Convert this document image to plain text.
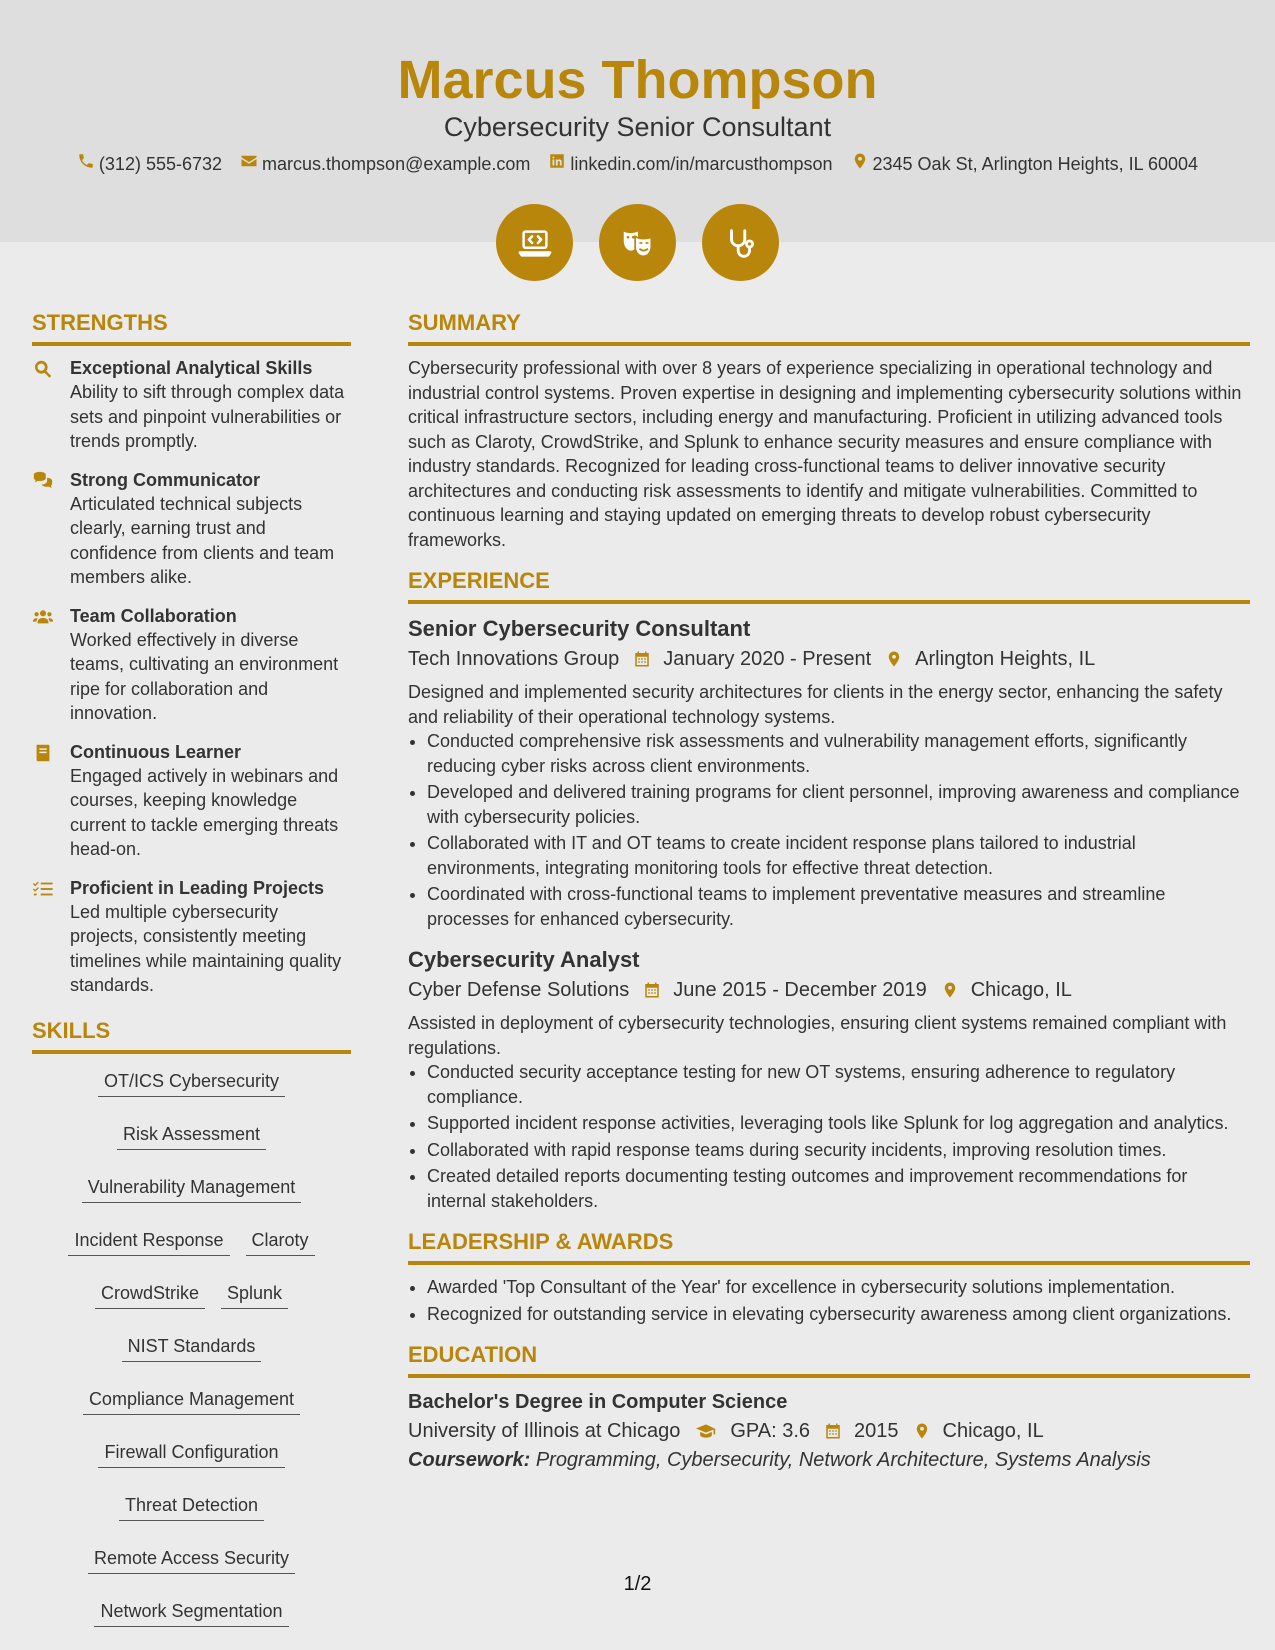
Marcus Thompson
Cybersecurity Senior Consultant
(312) 555-6732 marcus.thompson@example.com linkedin.com/in/marcusthompson 2345 Oak St, Arlington Heights, IL 60004
STRENGTHS
Exceptional Analytical Skills

Ability to sift through complex data sets and pinpoint vulnerabilities or trends promptly.

Strong Communicator

Articulated technical subjects clearly, earning trust and confidence from clients and team members alike.

Team Collaboration

Worked effectively in diverse teams, cultivating an environment ripe for collaboration and innovation.

Continuous Learner

Engaged actively in webinars and courses, keeping knowledge current to tackle emerging threats head-on.

Proficient in Leading Projects

Led multiple cybersecurity projects, consistently meeting timelines while maintaining quality standards.

SKILLS
OT/ICS Cybersecurity
Risk Assessment
Vulnerability Management
Incident Response	Claroty
CrowdStrike	Splunk
NIST Standards
Compliance Management
Firewall Configuration
Threat Detection
Remote Access Security
Network Segmentation
SUMMARY

Cybersecurity professional with over 8 years of experience specializing in operational technology and industrial control systems. Proven expertise in designing and implementing cybersecurity solutions within critical infrastructure sectors, including energy and manufacturing. Proficient in utilizing advanced tools such as Claroty, CrowdStrike, and Splunk to enhance security measures and ensure compliance with industry standards. Recognized for leading cross-functional teams to deliver innovative security architectures and conducting risk assessments to identify and mitigate vulnerabilities. Committed to continuous learning and staying updated on emerging threats to develop robust cybersecurity frameworks.

EXPERIENCE
Senior Cybersecurity Consultant
Tech Innovations Group January 2020 - Present Arlington Heights, IL

Designed and implemented security architectures for clients in the energy sector, enhancing the safety and reliability of their operational technology systems.

• Conducted comprehensive risk assessments and vulnerability management efforts, significantly reducing cyber risks across client environments.
• Developed and delivered training programs for client personnel, improving awareness and compliance with cybersecurity policies.
• Collaborated with IT and OT teams to create incident response plans tailored to industrial environments, integrating monitoring tools for effective threat detection.
• Coordinated with cross-functional teams to implement preventative measures and streamline processes for enhanced cybersecurity.
Cybersecurity Analyst
Cyber Defense Solutions June 2015 - December 2019 Chicago, IL

Assisted in deployment of cybersecurity technologies, ensuring client systems remained compliant with regulations.

• Conducted security acceptance testing for new OT systems, ensuring adherence to regulatory compliance.
• Supported incident response activities, leveraging tools like Splunk for log aggregation and analytics.
• Collaborated with rapid response teams during security incidents, improving resolution times.
• Created detailed reports documenting testing outcomes and improvement recommendations for internal stakeholders.
LEADERSHIP & AWARDS
• Awarded 'Top Consultant of the Year' for excellence in cybersecurity solutions implementation.
• Recognized for outstanding service in elevating cybersecurity awareness among client organizations.
EDUCATION
Bachelor's Degree in Computer Science
University of Illinois at Chicago	GPA: 3.6 2015 Chicago, IL

Coursework: Programming, Cybersecurity, Network Architecture, Systems Analysis

1/2
